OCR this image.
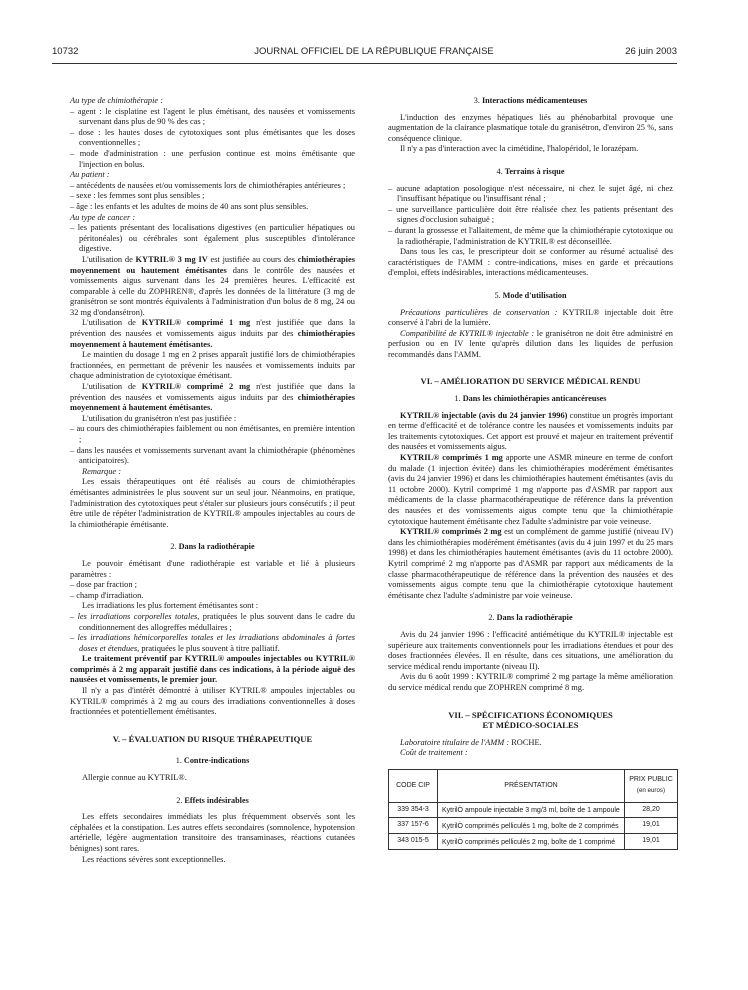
10732	JOURNAL OFFICIEL DE LA RÉPUBLIQUE FRANÇAISE	26 juin 2003

Au type de chimiothérapie :

– agent : le cisplatine est l'agent le plus émétisant, des nausées et vomissements survenant dans plus de 90 % des cas ;

– dose : les hautes doses de cytotoxiques sont plus émétisantes que les doses conventionnelles ;

– mode d'administration : une perfusion continue est moins émétisante que l'injection en bolus.

Au patient :

– antécédents de nausées et/ou vomissements lors de chimiothérapies antérieures ;

– sexe : les femmes sont plus sensibles ;

– âge : les enfants et les adultes de moins de 40 ans sont plus sensibles.

Au type de cancer :

– les patients présentant des localisations digestives (en particulier hépatiques ou péritonéales) ou cérébrales sont également plus susceptibles d'intolérance digestive.

L'utilisation de KYTRIL® 3 mg IV est justifiée au cours des chimiothérapies moyennement ou hautement émétisantes dans le contrôle des nausées et vomissements aigus survenant dans les 24 premières heures. L'efficacité est comparable à celle du ZOPHREN®, d'après les données de la littérature (3 mg de granisétron se sont montrés équivalents à l'administration d'un bolus de 8 mg, 24 ou 32 mg d'ondansétron).

L'utilisation de KYTRIL® comprimé 1 mg n'est justifiée que dans la prévention des nausées et vomissements aigus induits par des chimiothérapies moyennement à hautement émétisantes.

Le maintien du dosage 1 mg en 2 prises apparaît justifié lors de chimiothérapies fractionnées, en permettant de prévenir les nausées et vomissements induits par chaque administration de cytotoxique émétisant.

L'utilisation de KYTRIL® comprimé 2 mg n'est justifiée que dans la prévention des nausées et vomissements aigus induits par des chimiothérapies moyennement à hautement émétisantes.

L'utilisation du granisétron n'est pas justifiée :

– au cours des chimiothérapies faiblement ou non émétisantes, en première intention ;

– dans les nausées et vomissements survenant avant la chimiothérapie (phénomènes anticipatoires).

Remarque :

Les essais thérapeutiques ont été réalisés au cours de chimiothérapies émétisantes administrées le plus souvent sur un seul jour. Néanmoins, en pratique, l'administration des cytotoxiques peut s'étaler sur plusieurs jours consécutifs ; il peut être utile de répéter l'administration de KYTRIL® ampoules injectables au cours de la chimiothérapie émétisante.

2. Dans la radiothérapie

Le pouvoir émétisant d'une radiothérapie est variable et lié à plusieurs paramètres :

– dose par fraction ;

– champ d'irradiation.

Les irradiations les plus fortement émétisantes sont :

– les irradiations corporelles totales, pratiquées le plus souvent dans le cadre du conditionnement des allogreffes médullaires ;

– les irradiations hémicorporelles totales et les irradiations abdominales à fortes doses et étendues, pratiquées le plus souvent à titre palliatif.

Le traitement préventif par KYTRIL® ampoules injectables ou KYTRIL® comprimés à 2 mg apparaît justifié dans ces indications, à la période aiguë des nausées et vomissements, le premier jour.

Il n'y a pas d'intérêt démontré à utiliser KYTRIL® ampoules injectables ou KYTRIL® comprimés à 2 mg au cours des irradiations conventionnelles à doses fractionnées et potentiellement émétisantes.

V. – ÉVALUATION DU RISQUE THÉRAPEUTIQUE
1. Contre-indications

Allergie connue au KYTRIL®.

2. Effets indésirables

Les effets secondaires immédiats les plus fréquemment observés sont les céphalées et la constipation. Les autres effets secondaires (somnolence, hypotension artérielle, légère augmentation transitoire des transaminases, réactions cutanées bénignes) sont rares.

Les réactions sévères sont exceptionnelles.

3. Interactions médicamenteuses

L'induction des enzymes hépatiques liés au phénobarbital provoque une augmentation de la clairance plasmatique totale du granisétron, d'environ 25 %, sans conséquence clinique.

Il n'y a pas d'interaction avec la cimétidine, l'halopéridol, le lorazépam.

4. Terrains à risque

– aucune adaptation posologique n'est nécessaire, ni chez le sujet âgé, ni chez l'insuffisant hépatique ou l'insuffisant rénal ;

– une surveillance particulière doit être réalisée chez les patients présentant des signes d'occlusion subaiguë ;

– durant la grossesse et l'allaitement, de même que la chimiothérapie cytotoxique ou la radiothérapie, l'administration de KYTRIL® est déconseillée.

Dans tous les cas, le prescripteur doit se conformer au résumé actualisé des caractéristiques de l'AMM : contre-indications, mises en garde et précautions d'emploi, effets indésirables, interactions médicamenteuses.

5. Mode d'utilisation

Précautions particulières de conservation : KYTRIL® injectable doit être conservé à l'abri de la lumière.

Compatibilité de KYTRIL® injectable : le granisétron ne doit être administré en perfusion ou en IV lente qu'après dilution dans les liquides de perfusion recommandés dans l'AMM.

VI. – AMÉLIORATION DU SERVICE MÉDICAL RENDU
1. Dans les chimiothérapies anticancéreuses

KYTRIL® injectable (avis du 24 janvier 1996) constitue un progrès important en terme d'efficacité et de tolérance contre les nausées et vomissements induits par les traitements cytotoxiques. Cet apport est prouvé et majeur en traitement préventif des nausées et vomissements aigus.

KYTRIL® comprimés 1 mg apporte une ASMR mineure en terme de confort du malade (1 injection évitée) dans les chimiothérapies modérément émétisantes (avis du 24 janvier 1996) et dans les chimiothérapies hautement émétisantes (avis du 11 octobre 2000). Kytril comprimé 1 mg n'apporte pas d'ASMR par rapport aux médicaments de la classe pharmacothérapeutique de référence dans la prévention des nausées et des vomissements aigus compte tenu que la chimiothérapie cytotoxique hautement émétisante chez l'adulte s'administre par voie veineuse.

KYTRIL® comprimés 2 mg est un complément de gamme justifié (niveau IV) dans les chimiothérapies modérément émétisantes (avis du 4 juin 1997 et du 25 mars 1998) et dans les chimiothérapies hautement émétisantes (avis du 11 octobre 2000). Kytril comprimé 2 mg n'apporte pas d'ASMR par rapport aux médicaments de la classe pharmacothérapeutique de référence dans la prévention des nausées et des vomissements aigus compte tenu que la chimiothérapie cytotoxique hautement émétisante chez l'adulte s'administre par voie veineuse.

2. Dans la radiothérapie

Avis du 24 janvier 1996 : l'efficacité antiémétique du KYTRIL® injectable est supérieure aux traitements conventionnels pour les irradiations étendues et pour des doses fractionnées élevées. Il en résulte, dans ces situations, une amélioration du service médical rendu importante (niveau II).

Avis du 6 août 1999 : KYTRIL® comprimé 2 mg partage la même amélioration du service médical rendu que ZOPHREN comprimé 8 mg.

VII. – SPÉCIFICATIONS ÉCONOMIQUES
ET MÉDICO-SOCIALES

Laboratoire titulaire de l'AMM : ROCHE.

Coût de traitement :

CODE CIP	PRÉSENTATION	PRIX PUBLIC
(en euros)
339 354-3	KytrilÒ ampoule injectable 3 mg/3 ml, boîte de 1 ampoule	28,20
337 157-6	KytrilÒ comprimés pelliculés 1 mg, boîte de 2 comprimés	19,01
343 015-5	KytrilÒ comprimés pelliculés 2 mg, boîte de 1 comprimé	19,01
